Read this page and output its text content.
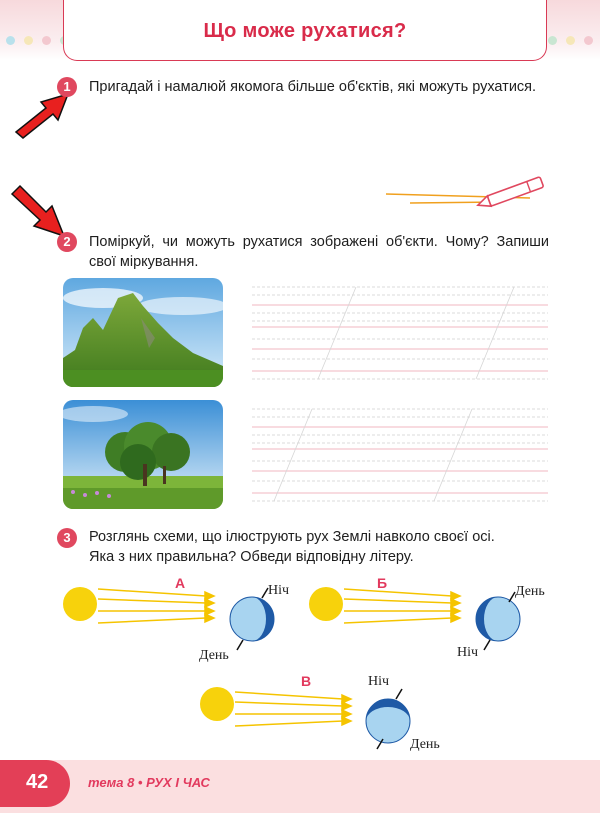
Що може рухатися?
1	Пригадай і намалюй якомога більше об'єктів, які можуть рухатися.
2	Поміркуй, чи можуть рухатися зображені об'єкти. Чому? Запиши
свої міркування.
3	Розглянь схеми, що ілюструють рух Землі навколо своєї осі.
Яка з них правильна? Обведи відповідну літеру.
А	Ніч
День
Б
День
Ніч
В	Ніч
День
42	тема 8 • РУХ І ЧАС
